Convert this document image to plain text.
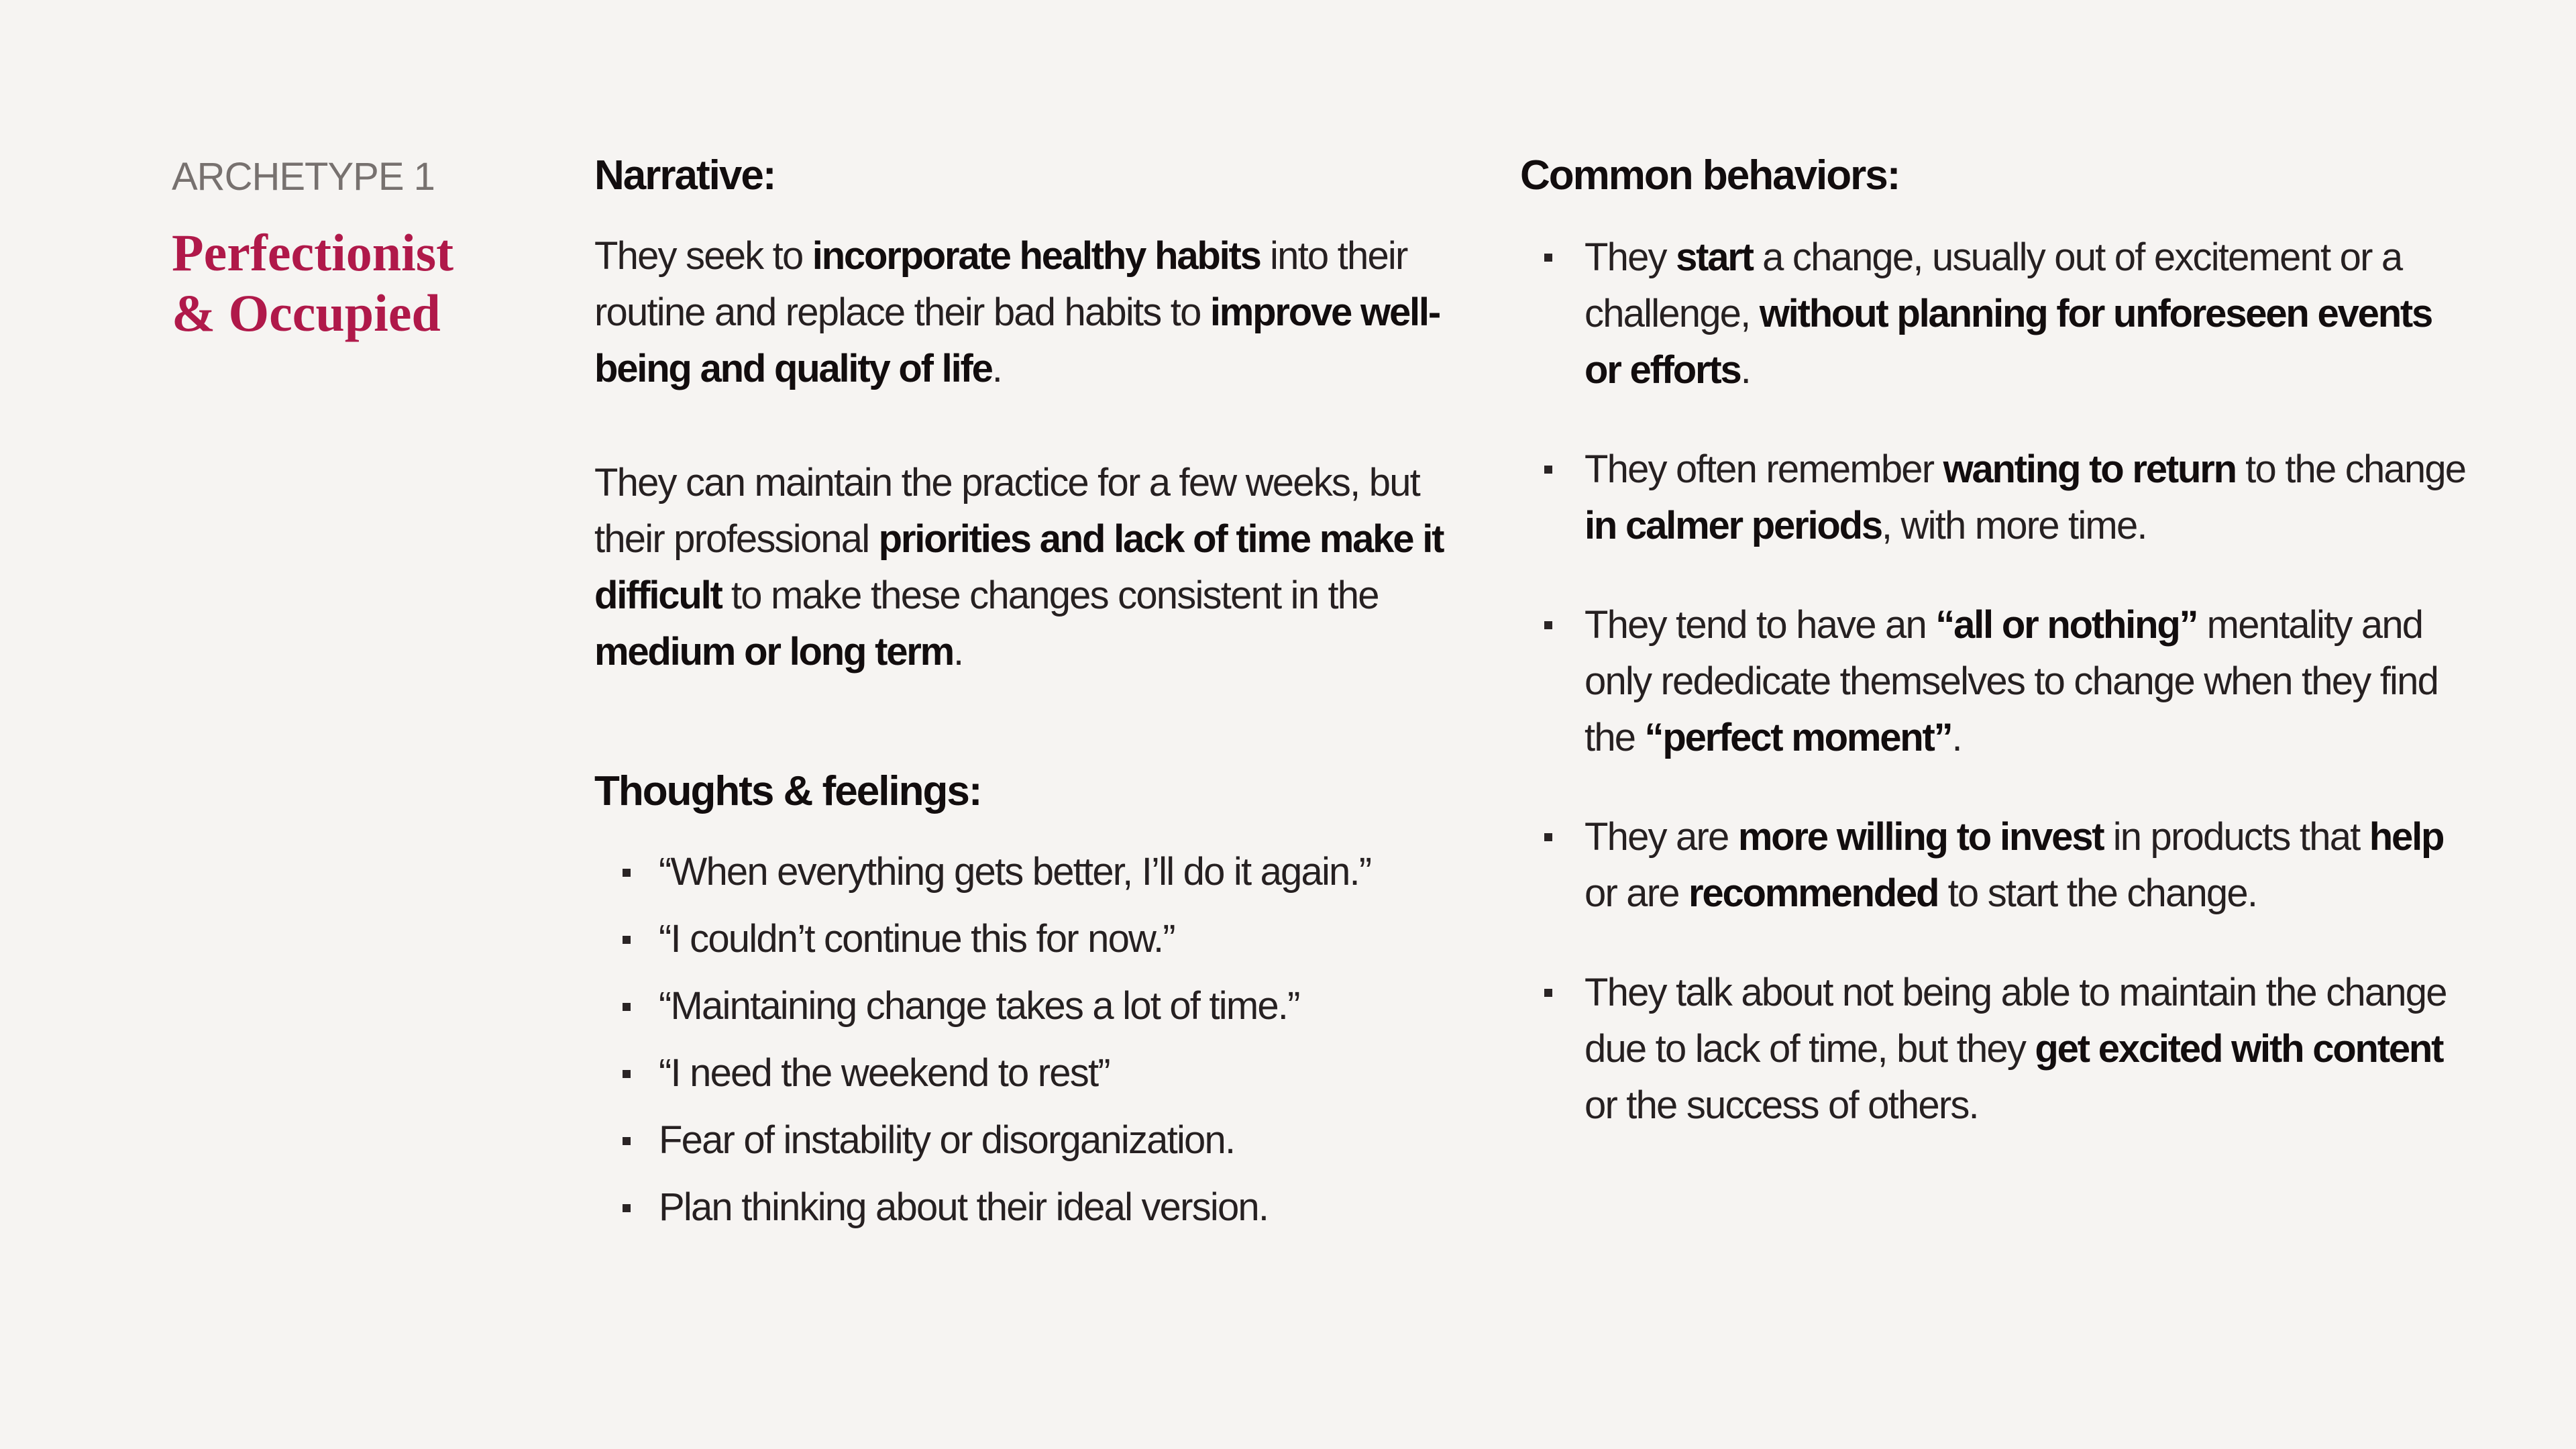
ARCHETYPE 1
Perfectionist
& Occupied
Narrative:
They seek to incorporate healthy habits into their routine and replace their bad habits to improve well-being and quality of life.
They can maintain the practice for a few weeks, but their professional priorities and lack of time make it difficult to make these changes consistent in the medium or long term.
Thoughts & feelings:
“When everything gets better, I’ll do it again.”
“I couldn’t continue this for now.”
“Maintaining change takes a lot of time.”
“I need the weekend to rest”
Fear of instability or disorganization.
Plan thinking about their ideal version.
Common behaviors:
They start a change, usually out of excitement or a challenge, without planning for unforeseen events or efforts.
They often remember wanting to return to the change in calmer periods, with more time.
They tend to have an “all or nothing” mentality and only rededicate themselves to change when they find the “perfect moment”.
They are more willing to invest in products that help or are recommended to start the change.
They talk about not being able to maintain the change due to lack of time, but they get excited with content or the success of others.
